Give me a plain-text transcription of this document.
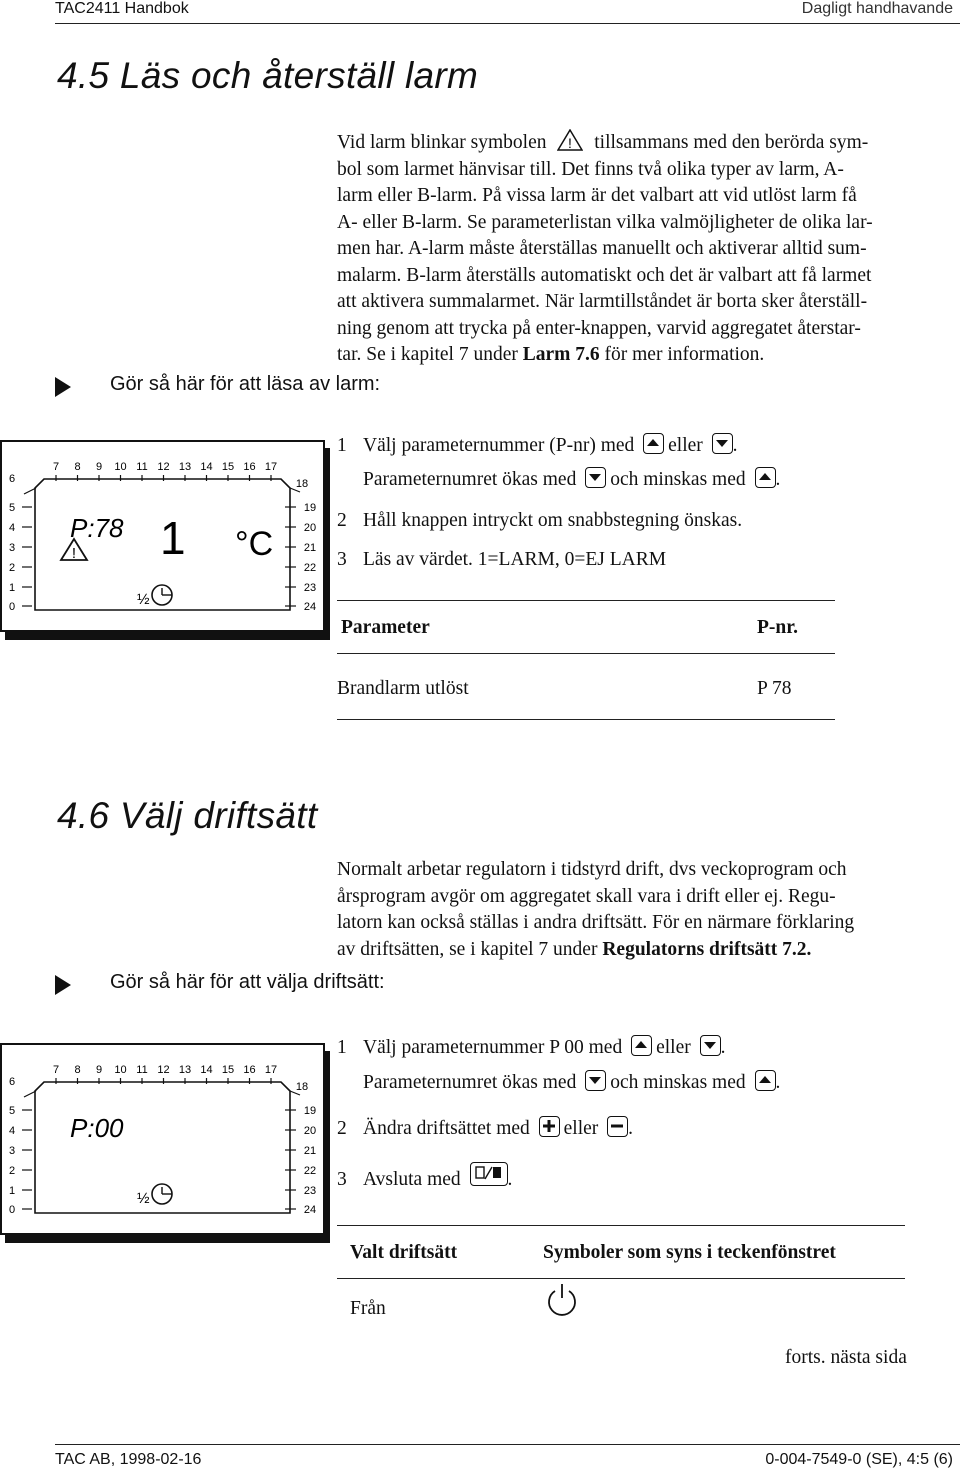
TAC2411 Handbok	Dagligt handhavande
4.5 Läs och återställ larm
Vid larm blinkar symbolen ! tillsammans med den berörda sym-
bol som larmet hänvisar till. Det finns två olika typer av larm, A-
larm eller B-larm. På vissa larm är det valbart att vid utlöst larm få
A- eller B-larm. Se parameterlistan vilka valmöjligheter de olika lar-
men har. A-larm måste återställas manuellt och aktiverar alltid sum-
malarm. B-larm återställs automatiskt och det är valbart att få larmet
att aktivera summalarmet. När larmtillståndet är borta sker återställ-
ning genom att trycka på enter-knappen, varvid aggregatet återstar-
tar. Se i kapitel 7 under Larm 7.6 för mer information.
Gör så här för att läsa av larm:
7 8 9 10 11 12 13 14 15 16 17
6
5
4
3
2
1
0
18
19
20
21
22
23
24
P:78 1 °C
!
½
1 Välj parameternummer (P-nr) med eller .
Parameternumret ökas med och minskas med .
2 Håll knappen intryckt om snabbstegning önskas.
3 Läs av värdet. 1=LARM, 0=EJ LARM
Parameter	P-nr.
Brandlarm utlöst	P 78
4.6 Välj driftsätt
Normalt arbetar regulatorn i tidstyrd drift, dvs veckoprogram och
årsprogram avgör om aggregatet skall vara i drift eller ej. Regu-
latorn kan också ställas i andra driftsätt. För en närmare förklaring
av driftsätten, se i kapitel 7 under Regulatorns driftsätt 7.2.
Gör så här för att välja driftsätt:
7 8 9 10 11 12 13 14 15 16 17
6
5
4
3
2
1
0
18
19
20
21
22
23
24
P:00
½
1 Välj parameternummer P 00 med eller .
Parameternumret ökas med och minskas med .
2 Ändra driftsättet med eller .
3 Avsluta med .
Valt driftsätt	Symboler som syns i teckenfönstret
Från
forts. nästa sida
TAC AB, 1998-02-16	0-004-7549-0 (SE), 4:5 (6)
